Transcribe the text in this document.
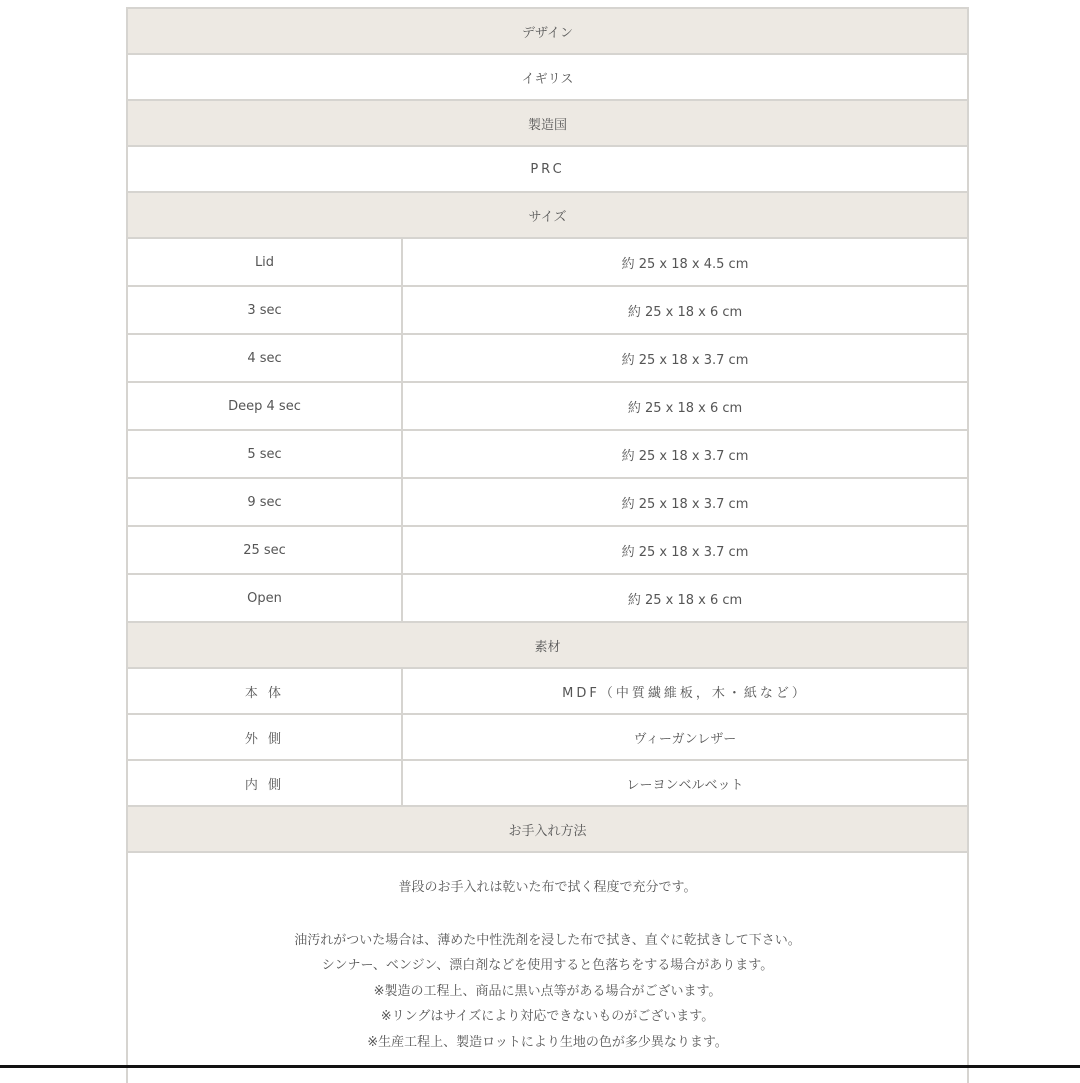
デザイン
イギリス
製造国
PRC
サイズ
Lid	約 25 x 18 x 4.5 cm
3 sec	約 25 x 18 x 6 cm
4 sec	約 25 x 18 x 3.7 cm
Deep 4 sec	約 25 x 18 x 6 cm
5 sec	約 25 x 18 x 3.7 cm
9 sec	約 25 x 18 x 3.7 cm
25 sec	約 25 x 18 x 3.7 cm
Open	約 25 x 18 x 6 cm
素材
本 体	MDF（中質繊維板，木・紙など）
外 側	ヴィーガンレザー
内 側	レーヨンベルベット
お手入れ方法
普段のお手入れは乾いた布で拭く程度で充分です。
油汚れがついた場合は、薄めた中性洗剤を浸した布で拭き、直ぐに乾拭きして下さい。
シンナー、ベンジン、漂白剤などを使用すると色落ちをする場合があります。
※製造の工程上、商品に黒い点等がある場合がございます。
※リングはサイズにより対応できないものがございます。
※生産工程上、製造ロットにより生地の色が多少異なります。
